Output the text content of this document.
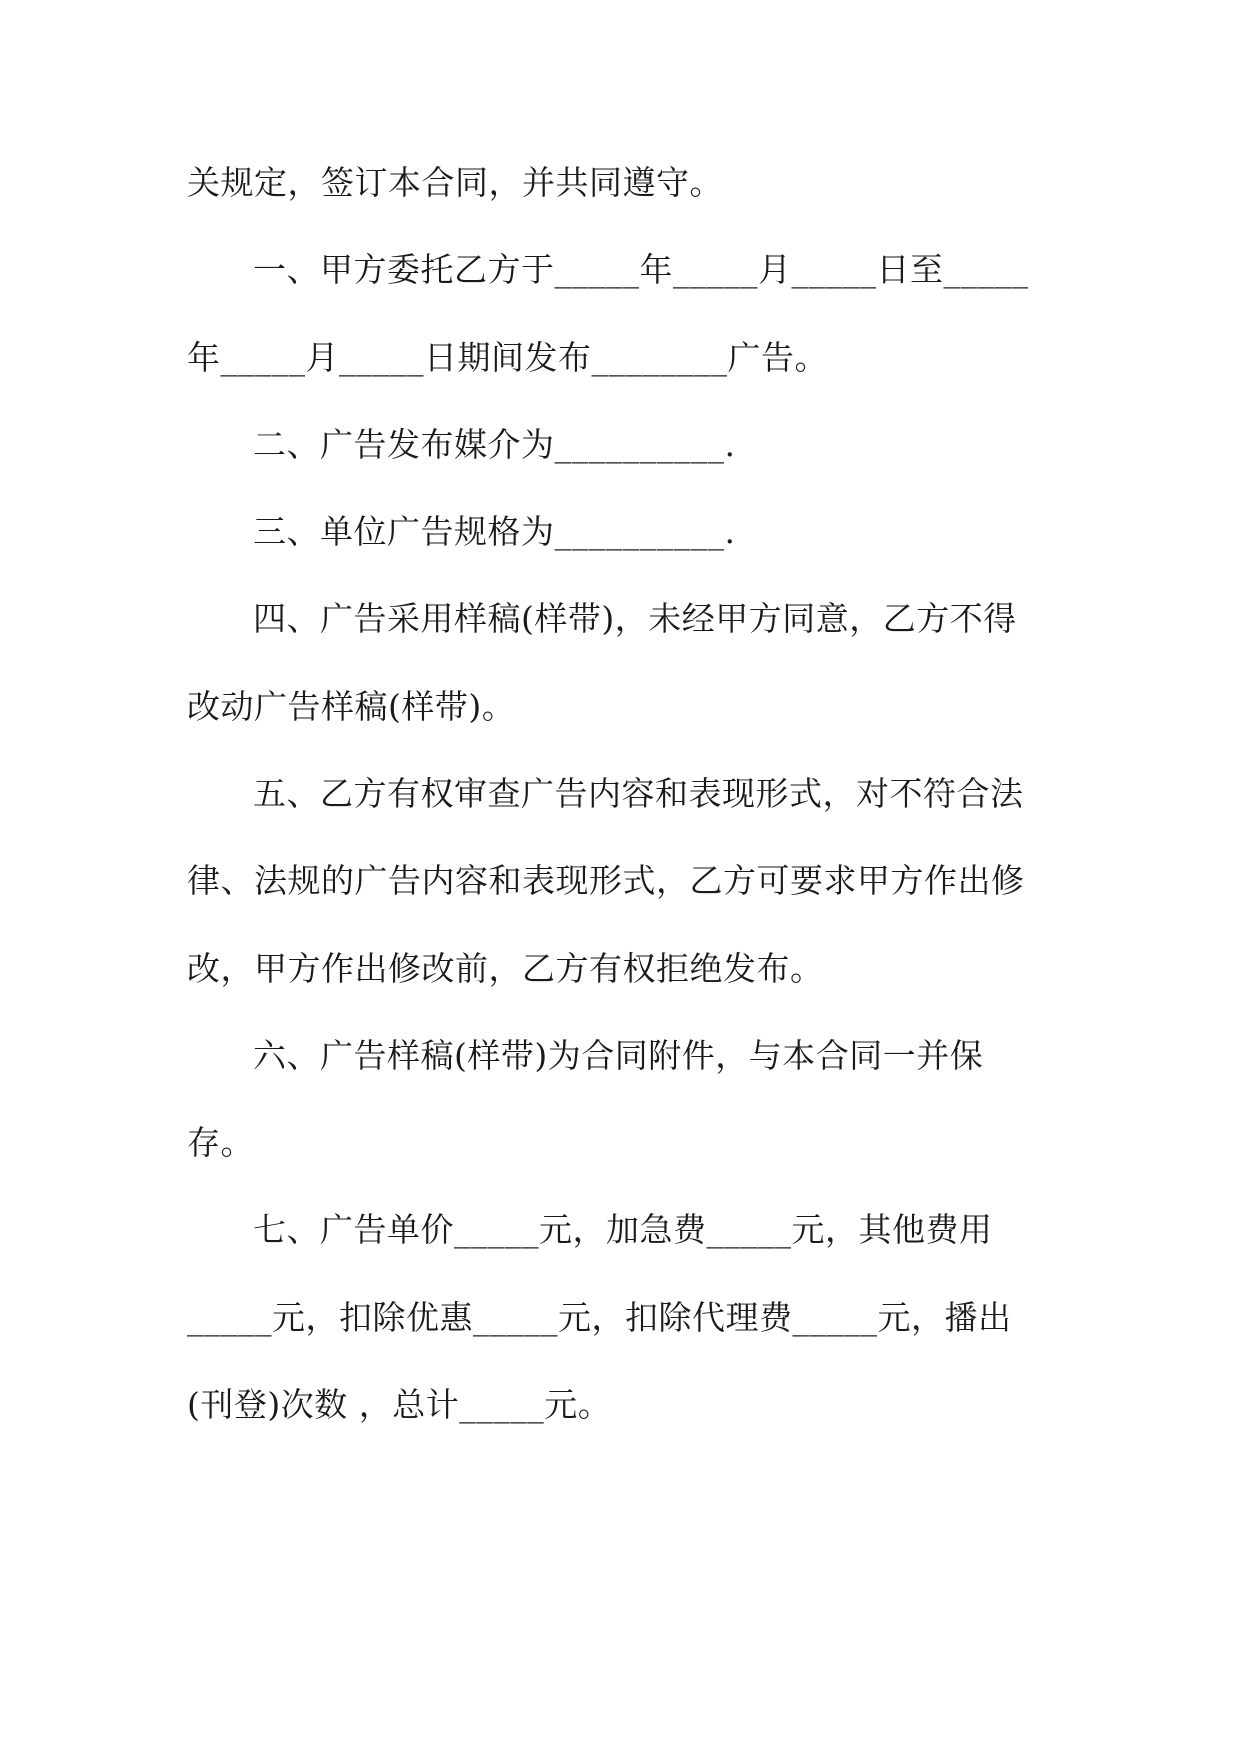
关规定，签订本合同，并共同遵守。
一、甲方委托乙方于_____年_____月_____日至_____
年_____月_____日期间发布________广告。
二、广告发布媒介为__________.
三、单位广告规格为__________.
四、广告采用样稿(样带)，未经甲方同意，乙方不得
改动广告样稿(样带)。
五、乙方有权审查广告内容和表现形式，对不符合法
律、法规的广告内容和表现形式，乙方可要求甲方作出修
改，甲方作出修改前，乙方有权拒绝发布。
六、广告样稿(样带)为合同附件，与本合同一并保
存。
七、广告单价_____元，加急费_____元，其他费用
_____元，扣除优惠_____元，扣除代理费_____元，播出
(刊登)次数 ，总计_____元。
